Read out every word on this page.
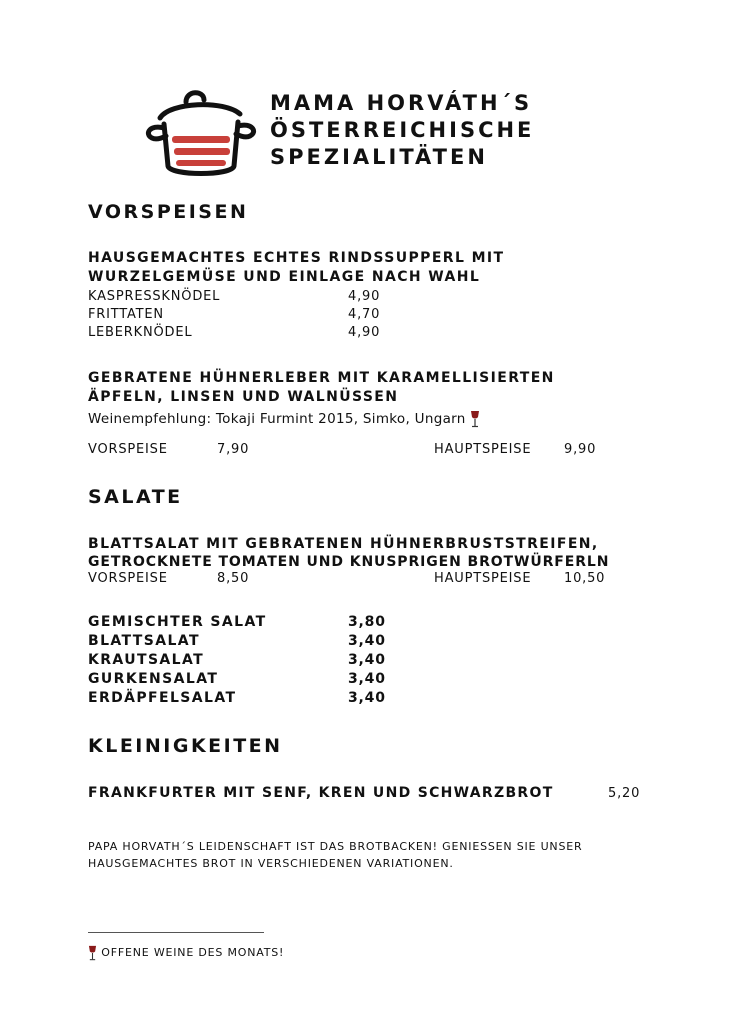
MAMA HORVÁTH´S
ÖSTERREICHISCHE
SPEZIALITÄTEN
VORSPEISEN
HAUSGEMACHTES ECHTES RINDSSUPPERL MIT
WURZELGEMÜSE UND EINLAGE NACH WAHL
KASPRESSKNÖDEL	4,90
FRITTATEN	4,70
LEBERKNÖDEL	4,90
GEBRATENE HÜHNERLEBER MIT KARAMELLISIERTEN
ÄPFELN, LINSEN UND WALNÜSSEN
Weinempfehlung: Tokaji Furmint 2015, Simko, Ungarn
VORSPEISE	7,90	HAUPTSPEISE	9,90
SALATE
BLATTSALAT MIT GEBRATENEN HÜHNERBRUSTSTREIFEN,
GETROCKNETE TOMATEN UND KNUSPRIGEN BROTWÜRFERLN
VORSPEISE	8,50	HAUPTSPEISE	10,50
GEMISCHTER SALAT	3,80
BLATTSALAT	3,40
KRAUTSALAT	3,40
GURKENSALAT	3,40
ERDÄPFELSALAT	3,40
KLEINIGKEITEN
FRANKFURTER MIT SENF, KREN UND SCHWARZBROT	5,20
PAPA HORVATH´S LEIDENSCHAFT IST DAS BROTBACKEN! GENIESSEN SIE UNSER
HAUSGEMACHTES BROT IN VERSCHIEDENEN VARIATIONEN.
OFFENE WEINE DES MONATS!
